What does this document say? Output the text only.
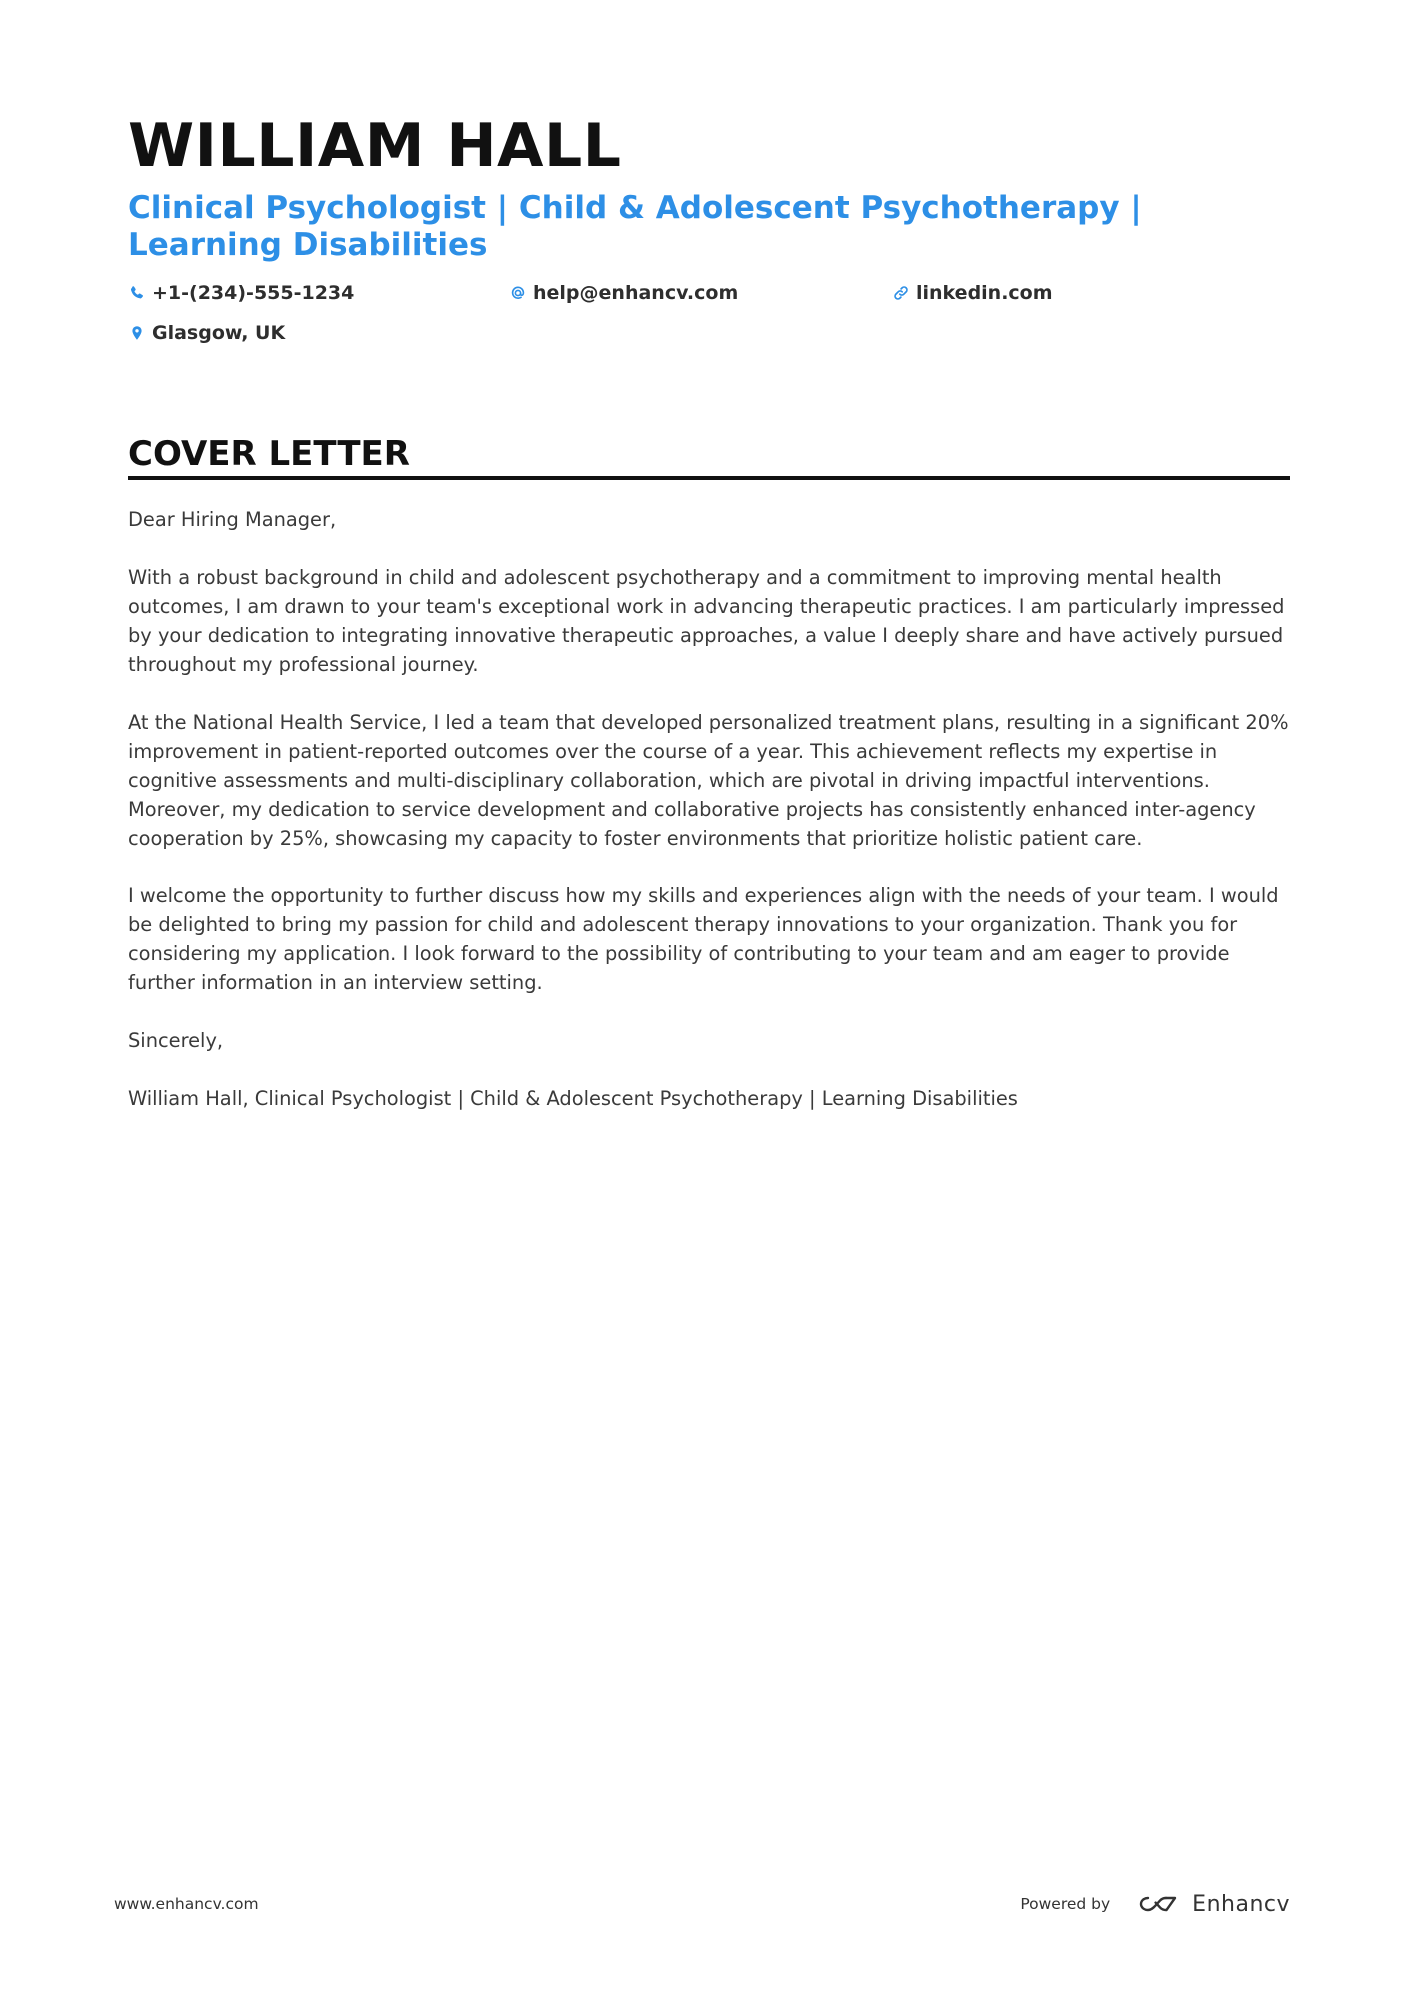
WILLIAM HALL
Clinical Psychologist | Child & Adolescent Psychotherapy | Learning Disabilities
+1-(234)-555-1234	help@enhancv.com	linkedin.com
Glasgow, UK
COVER LETTER

Dear Hiring Manager,

With a robust background in child and adolescent psychotherapy and a commitment to improving mental health outcomes, I am drawn to your team's exceptional work in advancing therapeutic practices. I am particularly impressed by your dedication to integrating innovative therapeutic approaches, a value I deeply share and have actively pursued throughout my professional journey.

At the National Health Service, I led a team that developed personalized treatment plans, resulting in a significant 20% improvement in patient-reported outcomes over the course of a year. This achievement reflects my expertise in cognitive assessments and multi-disciplinary collaboration, which are pivotal in driving impactful interventions. Moreover, my dedication to service development and collaborative projects has consistently enhanced inter-agency cooperation by 25%, showcasing my capacity to foster environments that prioritize holistic patient care.

I welcome the opportunity to further discuss how my skills and experiences align with the needs of your team. I would be delighted to bring my passion for child and adolescent therapy innovations to your organization. Thank you for considering my application. I look forward to the possibility of contributing to your team and am eager to provide further information in an interview setting.

Sincerely,

William Hall, Clinical Psychologist | Child & Adolescent Psychotherapy | Learning Disabilities

www.enhancv.com	Powered by	Enhancv
